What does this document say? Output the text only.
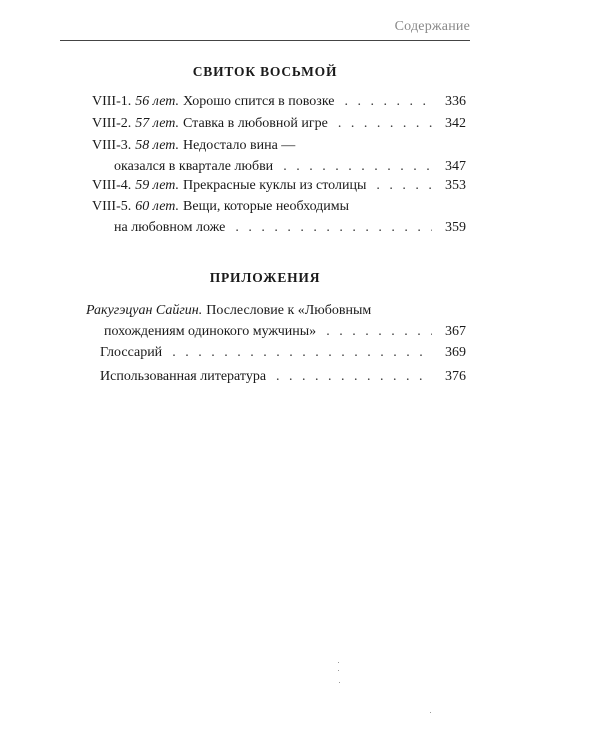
Содержание
СВИТОК ВОСЬМОЙ
VIII-1. 56 лет. Хорошо спится в повозке . . .	336
VIII-2. 57 лет. Ставка в любовной игре . . .	342
VIII-3. 58 лет. Недостало вина —
оказался в квартале любви . . .	347
VIII-4. 59 лет. Прекрасные куклы из столицы . . .	353
VIII-5. 60 лет. Вещи, которые необходимы
на любовном ложе . . .	359
ПРИЛОЖЕНИЯ
Ракугэцуан Сайгин. Послесловие к «Любовным
похождениям одинокого мужчины» . . .	367
Глоссарий . . .	369
Использованная литература . . .	376
